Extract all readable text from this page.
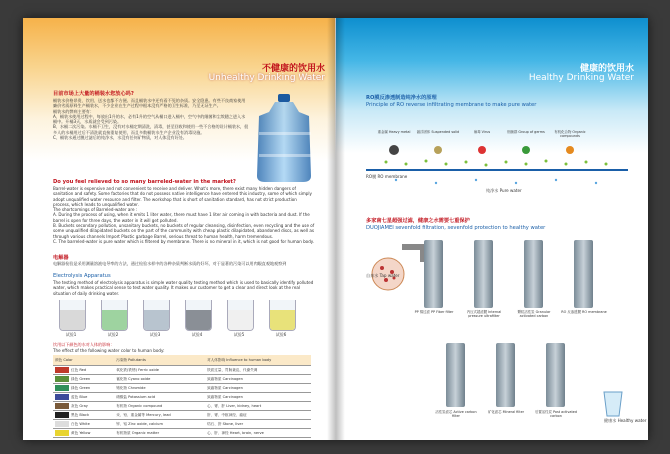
不健康的饮用水
Unhealthy Drinking Water
目前市场上大量的桶装水您放心吗?

桶装水价格昂贵、饮用、送水也都不方便。而且桶装水中还有看不见的杂质。安全隐患。有些不良商家使用廉价劣质原料生产桶装水，不少企业在生产过程中根本没有严格的卫生标准，乃至无证生产。

桶装水的弊病主要有：

A、桶装水使用过程中，每放出1升的水，必有1升的空气从桶口进入桶中，空气中的细菌和尘埃随之进入水桶中。开桶3天，水质就会受到污染。

B、水桶二次污染。水桶不卫生，没有对水桶定期清洗，清毒，甚至回收和使用一些不合格的设计桶装水，很多人的水桶用过后不清洗就直接重复使用，而且多数桶装水生产企业没有消毒设施。

C、桶装水通过膜过滤后的纯净水，水没有任何矿物质，对人体没有好处。

Do you feel relieved to so many barreled-water in the market?

Barrel-water is expensive and not convenient to receive and deliver. What's more, there exist many hidden dangers of sanitation and safety. Some factories that do not possess native intelligence have entered this industry, some of which simply adopt unqualified water resource and filter. The workshop that is short of sanitation standard, has not strict production process, which leads to unqualified water.

The shortcomings of Barreled-water are :

A. During the process of using, when it emits 1 liter water, there must have 1 liter air coming in with bacteria and dust. If the barrel is open for three days, the water in it will get polluted.

B. Buckets secondary pollution, unsanitary buckets, no buckets of regular cleansing, disinfection, even recycling and the use of some unqualified dilapidated buckets on the part of the community with cheap plastic dilapidated, abandoned discs, as well as through various channels Import Plastic garbage Barrel, serious threat to human health, harm tremendous.

C. The barreled-water is pure water which is filtered by membrane. There is no mineral in it, which is not good for human body.

电解器
电解器检验是采用测量溶液电导率的方法，通过检验水样中的各种杂质判断水质的好坏，对于显著的污染可以用肉眼直观地观察到
Electrolysis Apparatus
The testing method of electrolysis apparatus is simple water quality testing method which is used to basically identify polluted water, which makes practical sense to test water quality. It makes our customer to get a clear and direct look at the real situation of daily drinking water.
试验1	试验2	试验3	试验4	试验5	试验6
饮用以下颜色的水对人体的影响：
The effect of the following water color to human body:
颜色 Color	污染物 Pollutants	对人体影响 Influence to human body
红色 Red	氧化铁(铁锈) Ferric oxide	铁质过量、胃肠紊乱、代谢失调
绿色 Green	氰化物 Cyano oxide	致癌物质 Carcinogen
绿色 Green	铬化物 Chromide	致癌物质 Carcinogen
蓝色 Blue	硝酸盐 Potassium acid	致癌物质 Carcinogen
灰色 Gray	有机物 Organic compound	心、肾、肝 Liver, kidney, heart
黑色 Black	汞、铅、重金属等 Mercury, lead	肝、肾、中枢神经、癌症
白色 White	锌、铝 Zinc oxide, calcium	结石、肝 Stone, liver
黄色 Yellow	有机物质 Organic matter	心、肝、神经 Heart, brain, nerve
健康的饮用水
Healthy Drinking Water
RO膜反渗透制造纯净水的原理
Principle of RO reverse infiltrating membrane to make pure water
重金属 Heavy metal	悬浮固体 Suspended solid	病毒 Virus	细菌群 Group of germs	有机化合物 Organic compounds
RO膜 RO membrane
纯净水 Pure water
多家南七星超强过滤，健康之水需要七重保护
DUOJIAMEI sevenfold filtration, sevenfold protection to healthy water
自来水 Tap water
PP 棉过滤 PP Fiber filter	内压式超滤膜 Internal pressure ultrafilter
颗粒活性炭 Granular activated carbon
RO 反渗透膜 RO membrane
活性炭滤芯 Active carbon filter
矿化滤芯 Mineral filter	后置活性炭 Post activated carbon
健康水 Healthy water
